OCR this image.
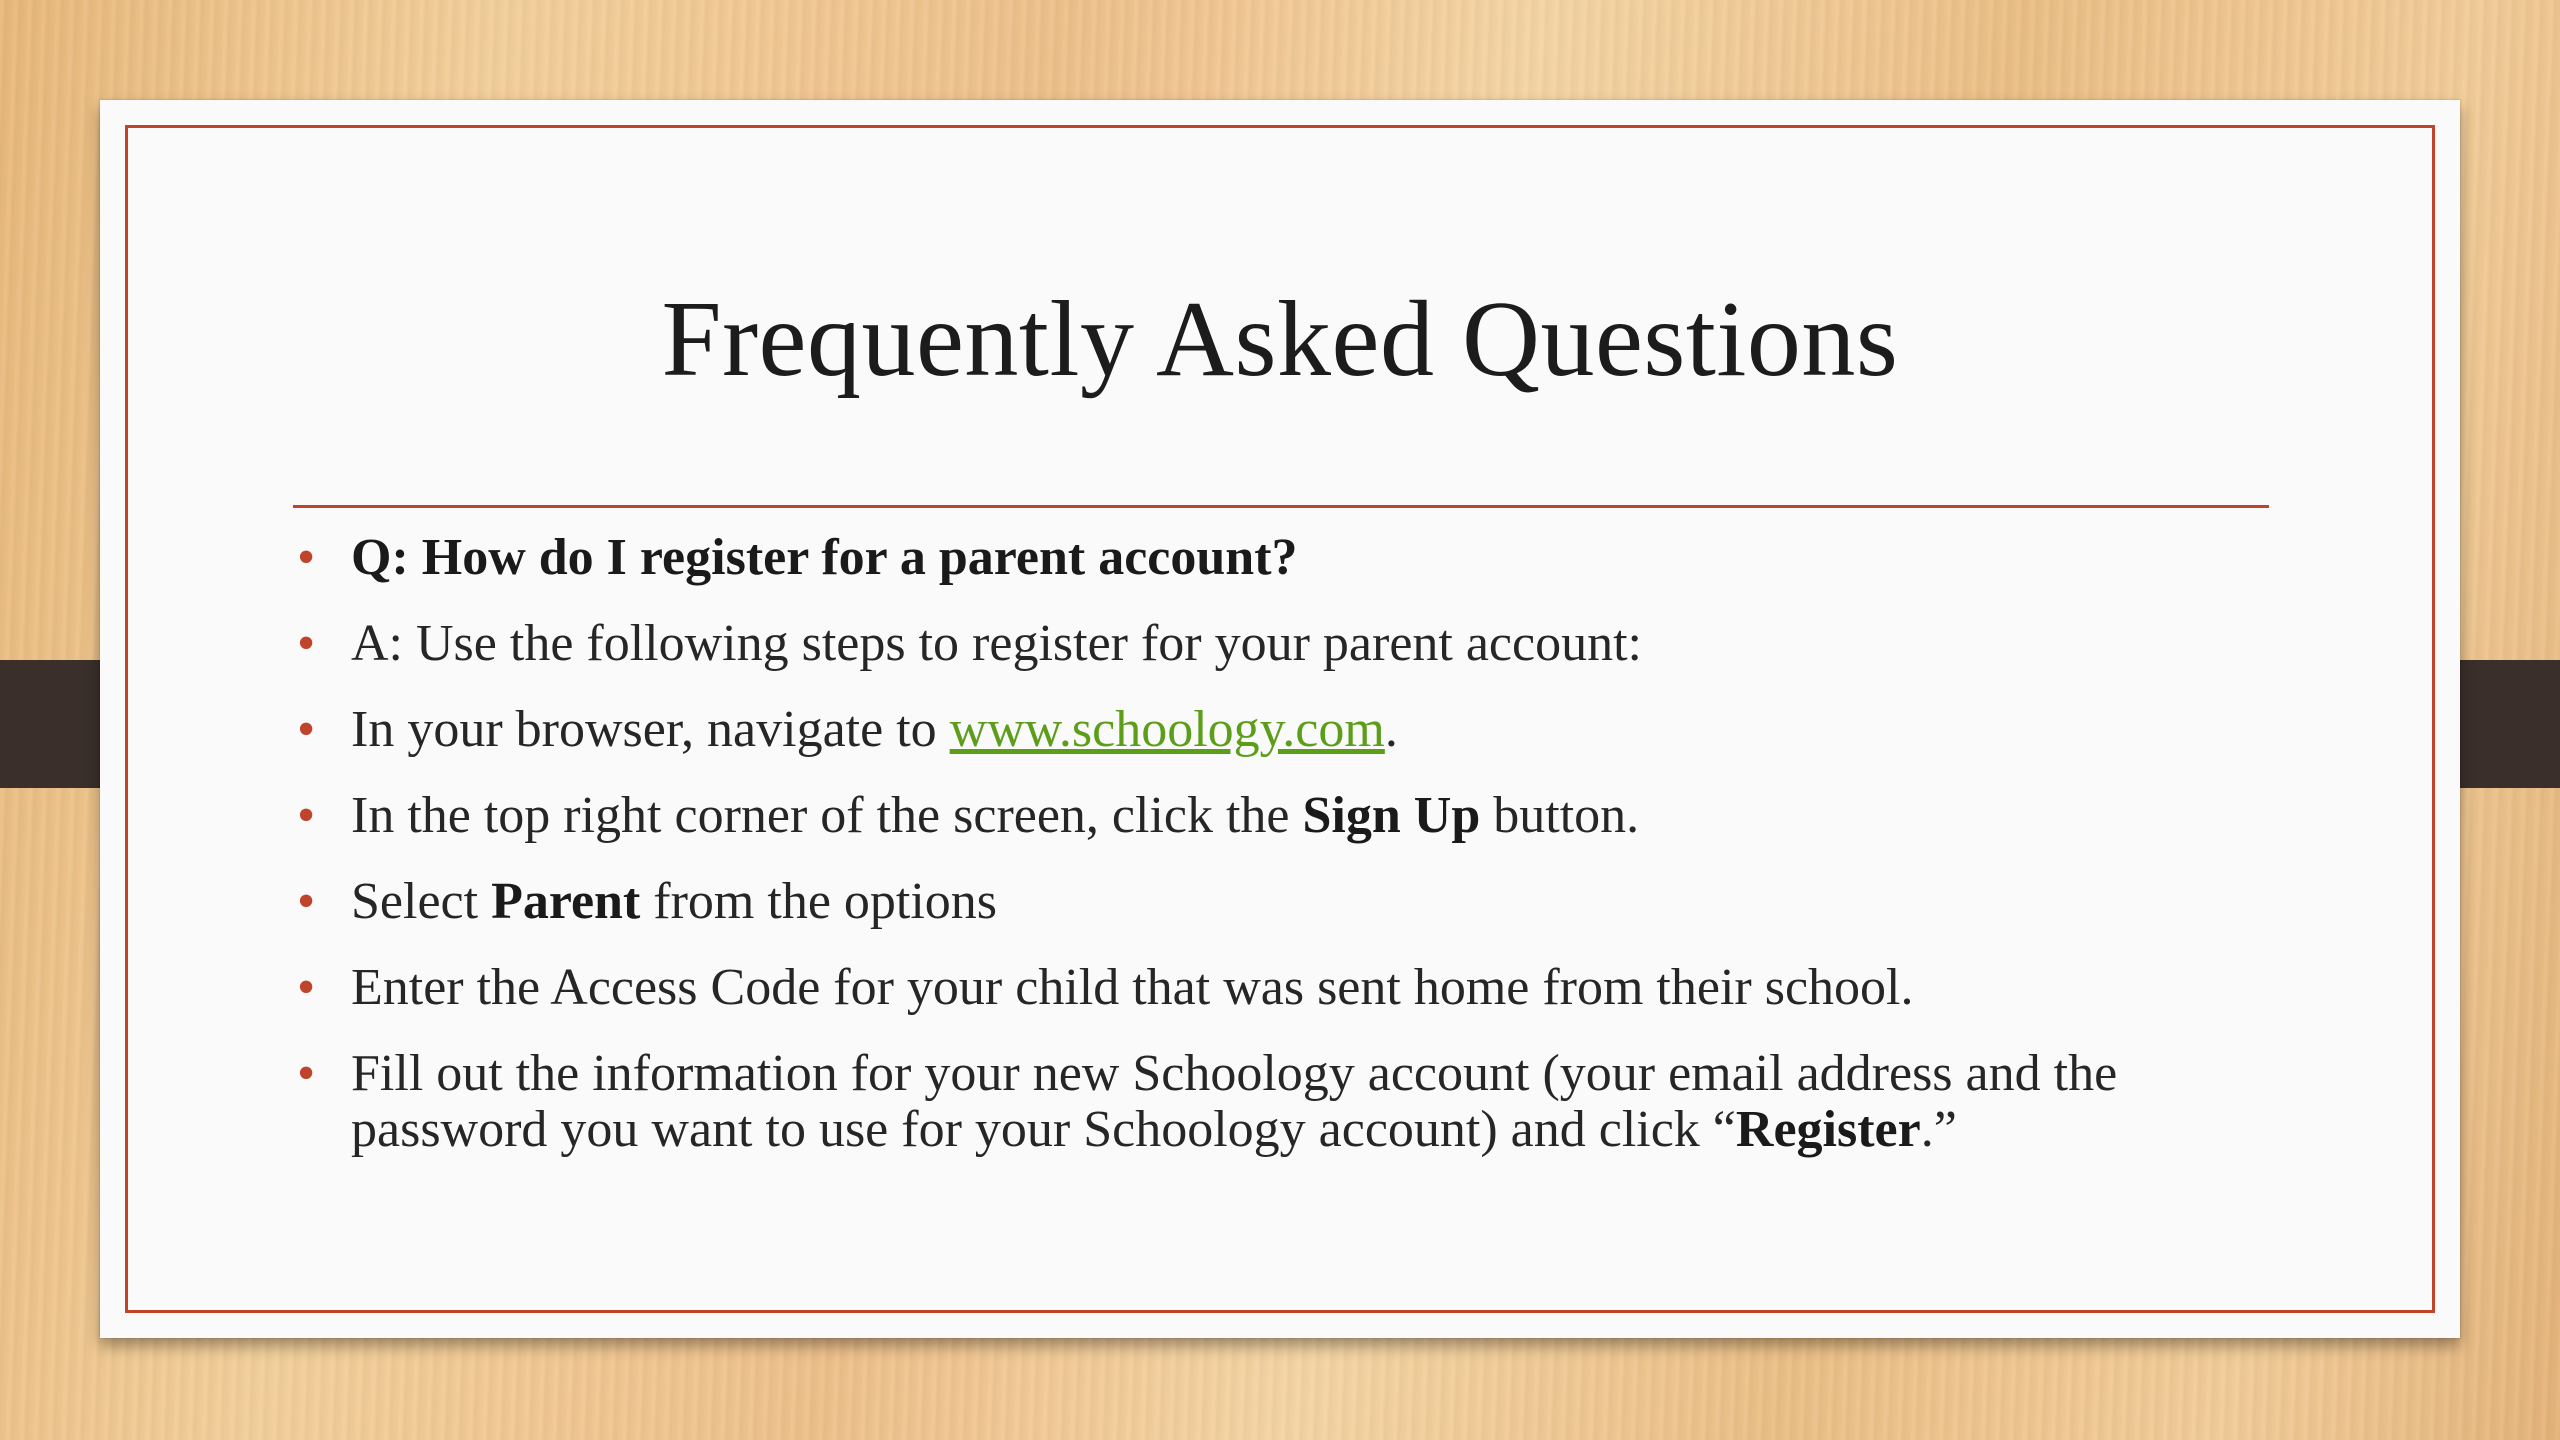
Frequently Asked Questions
• Q: How do I register for a parent account?
• A: Use the following steps to register for your parent account:
• In your browser, navigate to www.schoology.com.
• In the top right corner of the screen, click the Sign Up button.
• Select Parent from the options
• Enter the Access Code for your child that was sent home from their school.
• Fill out the information for your new Schoology account (your email address and the password you want to use for your Schoology account) and click “Register.”
